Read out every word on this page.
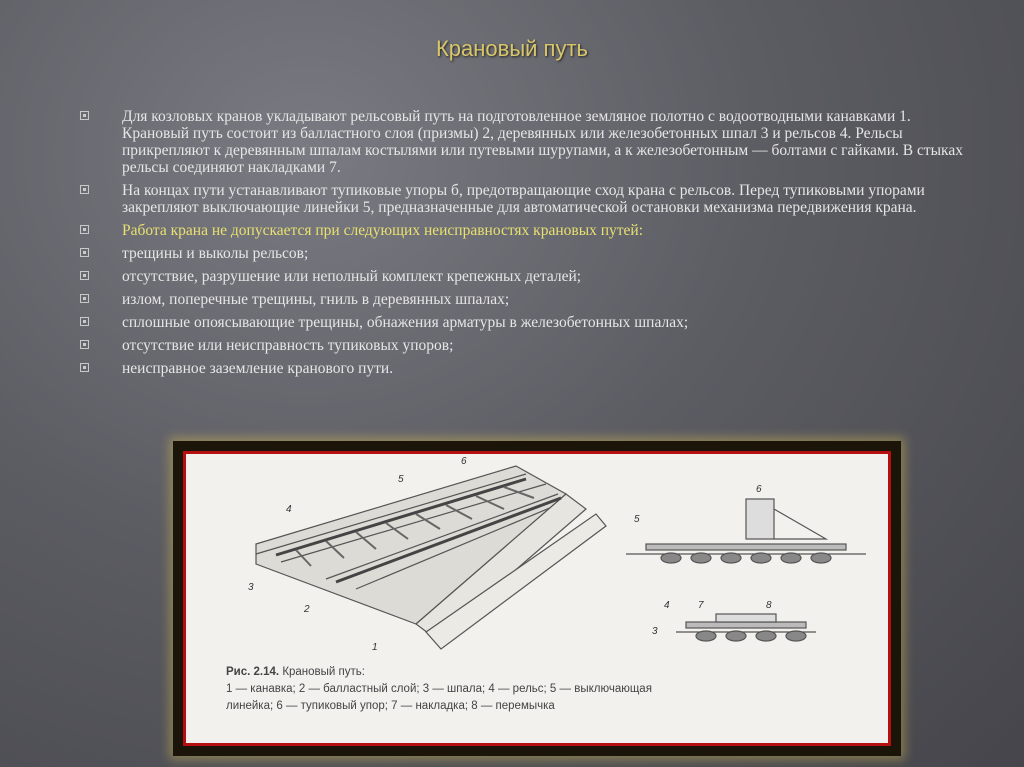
Крановый путь
Для козловых кранов укладывают рельсовый путь на подготовленное земляное полотно с водоотводными канавками 1. Крановый путь состоит из балластного слоя (призмы) 2, деревянных или железобетонных шпал 3 и рельсов 4. Рельсы прикрепляют к деревянным шпалам костылями или путевыми шурупами, а к железобетонным — болтами с гайками. В стыках рельсы соединяют накладками 7.
На концах пути устанавливают тупиковые упоры б, предотвращающие сход крана с рельсов. Перед тупиковыми упорами закрепляют выключающие линейки 5, предназначенные для автоматической остановки механизма передвижения крана.
Работа крана не допускается при следующих неисправностях крановых путей:
трещины и выколы рельсов;
отсутствие, разрушение или неполный комплект крепежных деталей;
излом, поперечные трещины, гниль в деревянных шпалах;
сплошные опоясывающие трещины, обнажения арматуры в железобетонных шпалах;
отсутствие или неисправность тупиковых упоров;
неисправное заземление кранового пути.
6
5
4
3
2
1
6
5
4	7	8
3
Рис. 2.14. Крановый путь:
1 — канавка; 2 — балластный слой; 3 — шпала; 4 — рельс; 5 — выключающая
линейка; 6 — тупиковый упор; 7 — накладка; 8 — перемычка
